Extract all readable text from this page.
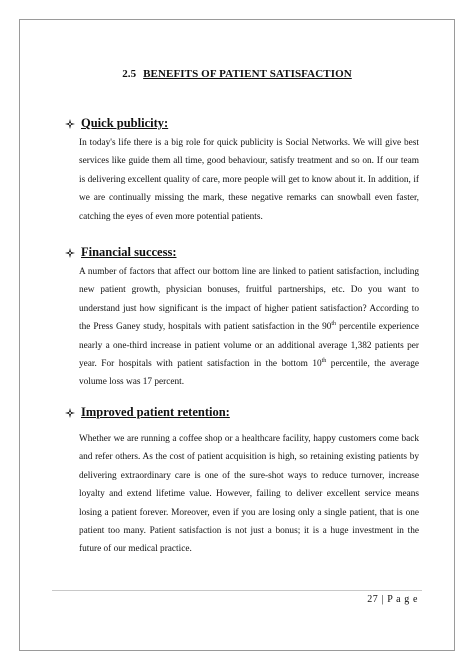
2.5 BENEFITS OF PATIENT SATISFACTION
Quick publicity:

In today's life there is a big role for quick publicity is Social Networks. We will give best services like guide them all time, good behaviour, satisfy treatment and so on. If our team is delivering excellent quality of care, more people will get to know about it. In addition, if we are continually missing the mark, these negative remarks can snowball even faster, catching the eyes of even more potential patients.

Financial success:

A number of factors that affect our bottom line are linked to patient satisfaction, including new patient growth, physician bonuses, fruitful partnerships, etc. Do you want to understand just how significant is the impact of higher patient satisfaction? According to the Press Ganey study, hospitals with patient satisfaction in the 90th percentile experience nearly a one-third increase in patient volume or an additional average 1,382 patients per year. For hospitals with patient satisfaction in the bottom 10th percentile, the average volume loss was 17 percent.

Improved patient retention:

Whether we are running a coffee shop or a healthcare facility, happy customers come back and refer others. As the cost of patient acquisition is high, so retaining existing patients by delivering extraordinary care is one of the sure-shot ways to reduce turnover, increase loyalty and extend lifetime value. However, failing to deliver excellent service means losing a patient forever. Moreover, even if you are losing only a single patient, that is one patient too many. Patient satisfaction is not just a bonus; it is a huge investment in the future of our medical practice.

27 | P a g e
